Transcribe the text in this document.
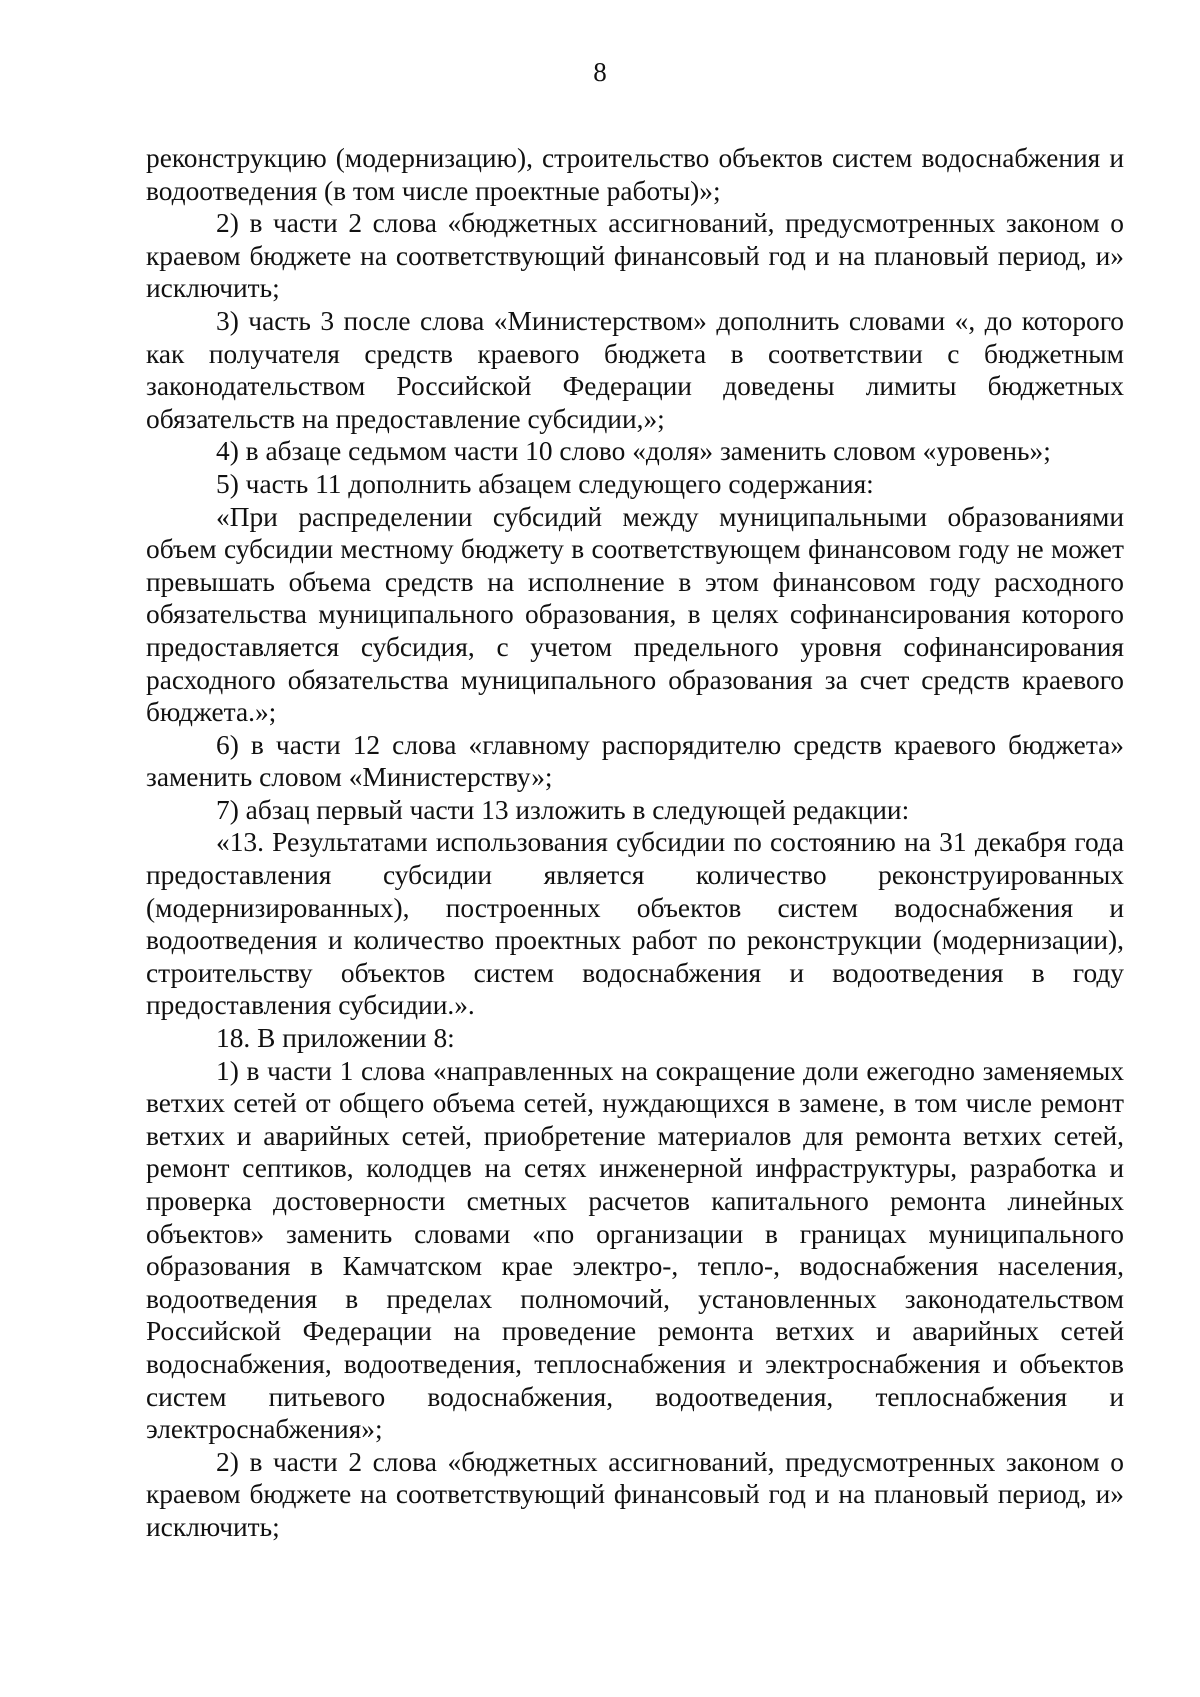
8

реконструкцию (модернизацию), строительство объектов систем водоснабжения и водоотведения (в том числе проектные работы)»;

2) в части 2 слова «бюджетных ассигнований, предусмотренных законом о краевом бюджете на соответствующий финансовый год и на плановый период, и» исключить;

3) часть 3 после слова «Министерством» дополнить словами «, до которого как получателя средств краевого бюджета в соответствии с бюджетным законодательством Российской Федерации доведены лимиты бюджетных обязательств на предоставление субсидии,»;

4) в абзаце седьмом части 10 слово «доля» заменить словом «уровень»;

5) часть 11 дополнить абзацем следующего содержания:

«При распределении субсидий между муниципальными образованиями объем субсидии местному бюджету в соответствующем финансовом году не может превышать объема средств на исполнение в этом финансовом году расходного обязательства муниципального образования, в целях софинансирования которого предоставляется субсидия, с учетом предельного уровня софинансирования расходного обязательства муниципального образования за счет средств краевого бюджета.»;

6) в части 12 слова «главному распорядителю средств краевого бюджета» заменить словом «Министерству»;

7) абзац первый части 13 изложить в следующей редакции:

«13. Результатами использования субсидии по состоянию на 31 декабря года предоставления субсидии является количество реконструированных (модернизированных), построенных объектов систем водоснабжения и водоотведения и количество проектных работ по реконструкции (модернизации), строительству объектов систем водоснабжения и водоотведения в году предоставления субсидии.».

18. В приложении 8:

1) в части 1 слова «направленных на сокращение доли ежегодно заменяемых ветхих сетей от общего объема сетей, нуждающихся в замене, в том числе ремонт ветхих и аварийных сетей, приобретение материалов для ремонта ветхих сетей, ремонт септиков, колодцев на сетях инженерной инфраструктуры, разработка и проверка достоверности сметных расчетов капитального ремонта линейных объектов» заменить словами «по организации в границах муниципального образования в Камчатском крае электро-, тепло-, водоснабжения населения, водоотведения в пределах полномочий, установленных законодательством Российской Федерации на проведение ремонта ветхих и аварийных сетей водоснабжения, водоотведения, теплоснабжения и электроснабжения и объектов систем питьевого водоснабжения, водоотведения, теплоснабжения и электроснабжения»;

2) в части 2 слова «бюджетных ассигнований, предусмотренных законом о краевом бюджете на соответствующий финансовый год и на плановый период, и» исключить;
